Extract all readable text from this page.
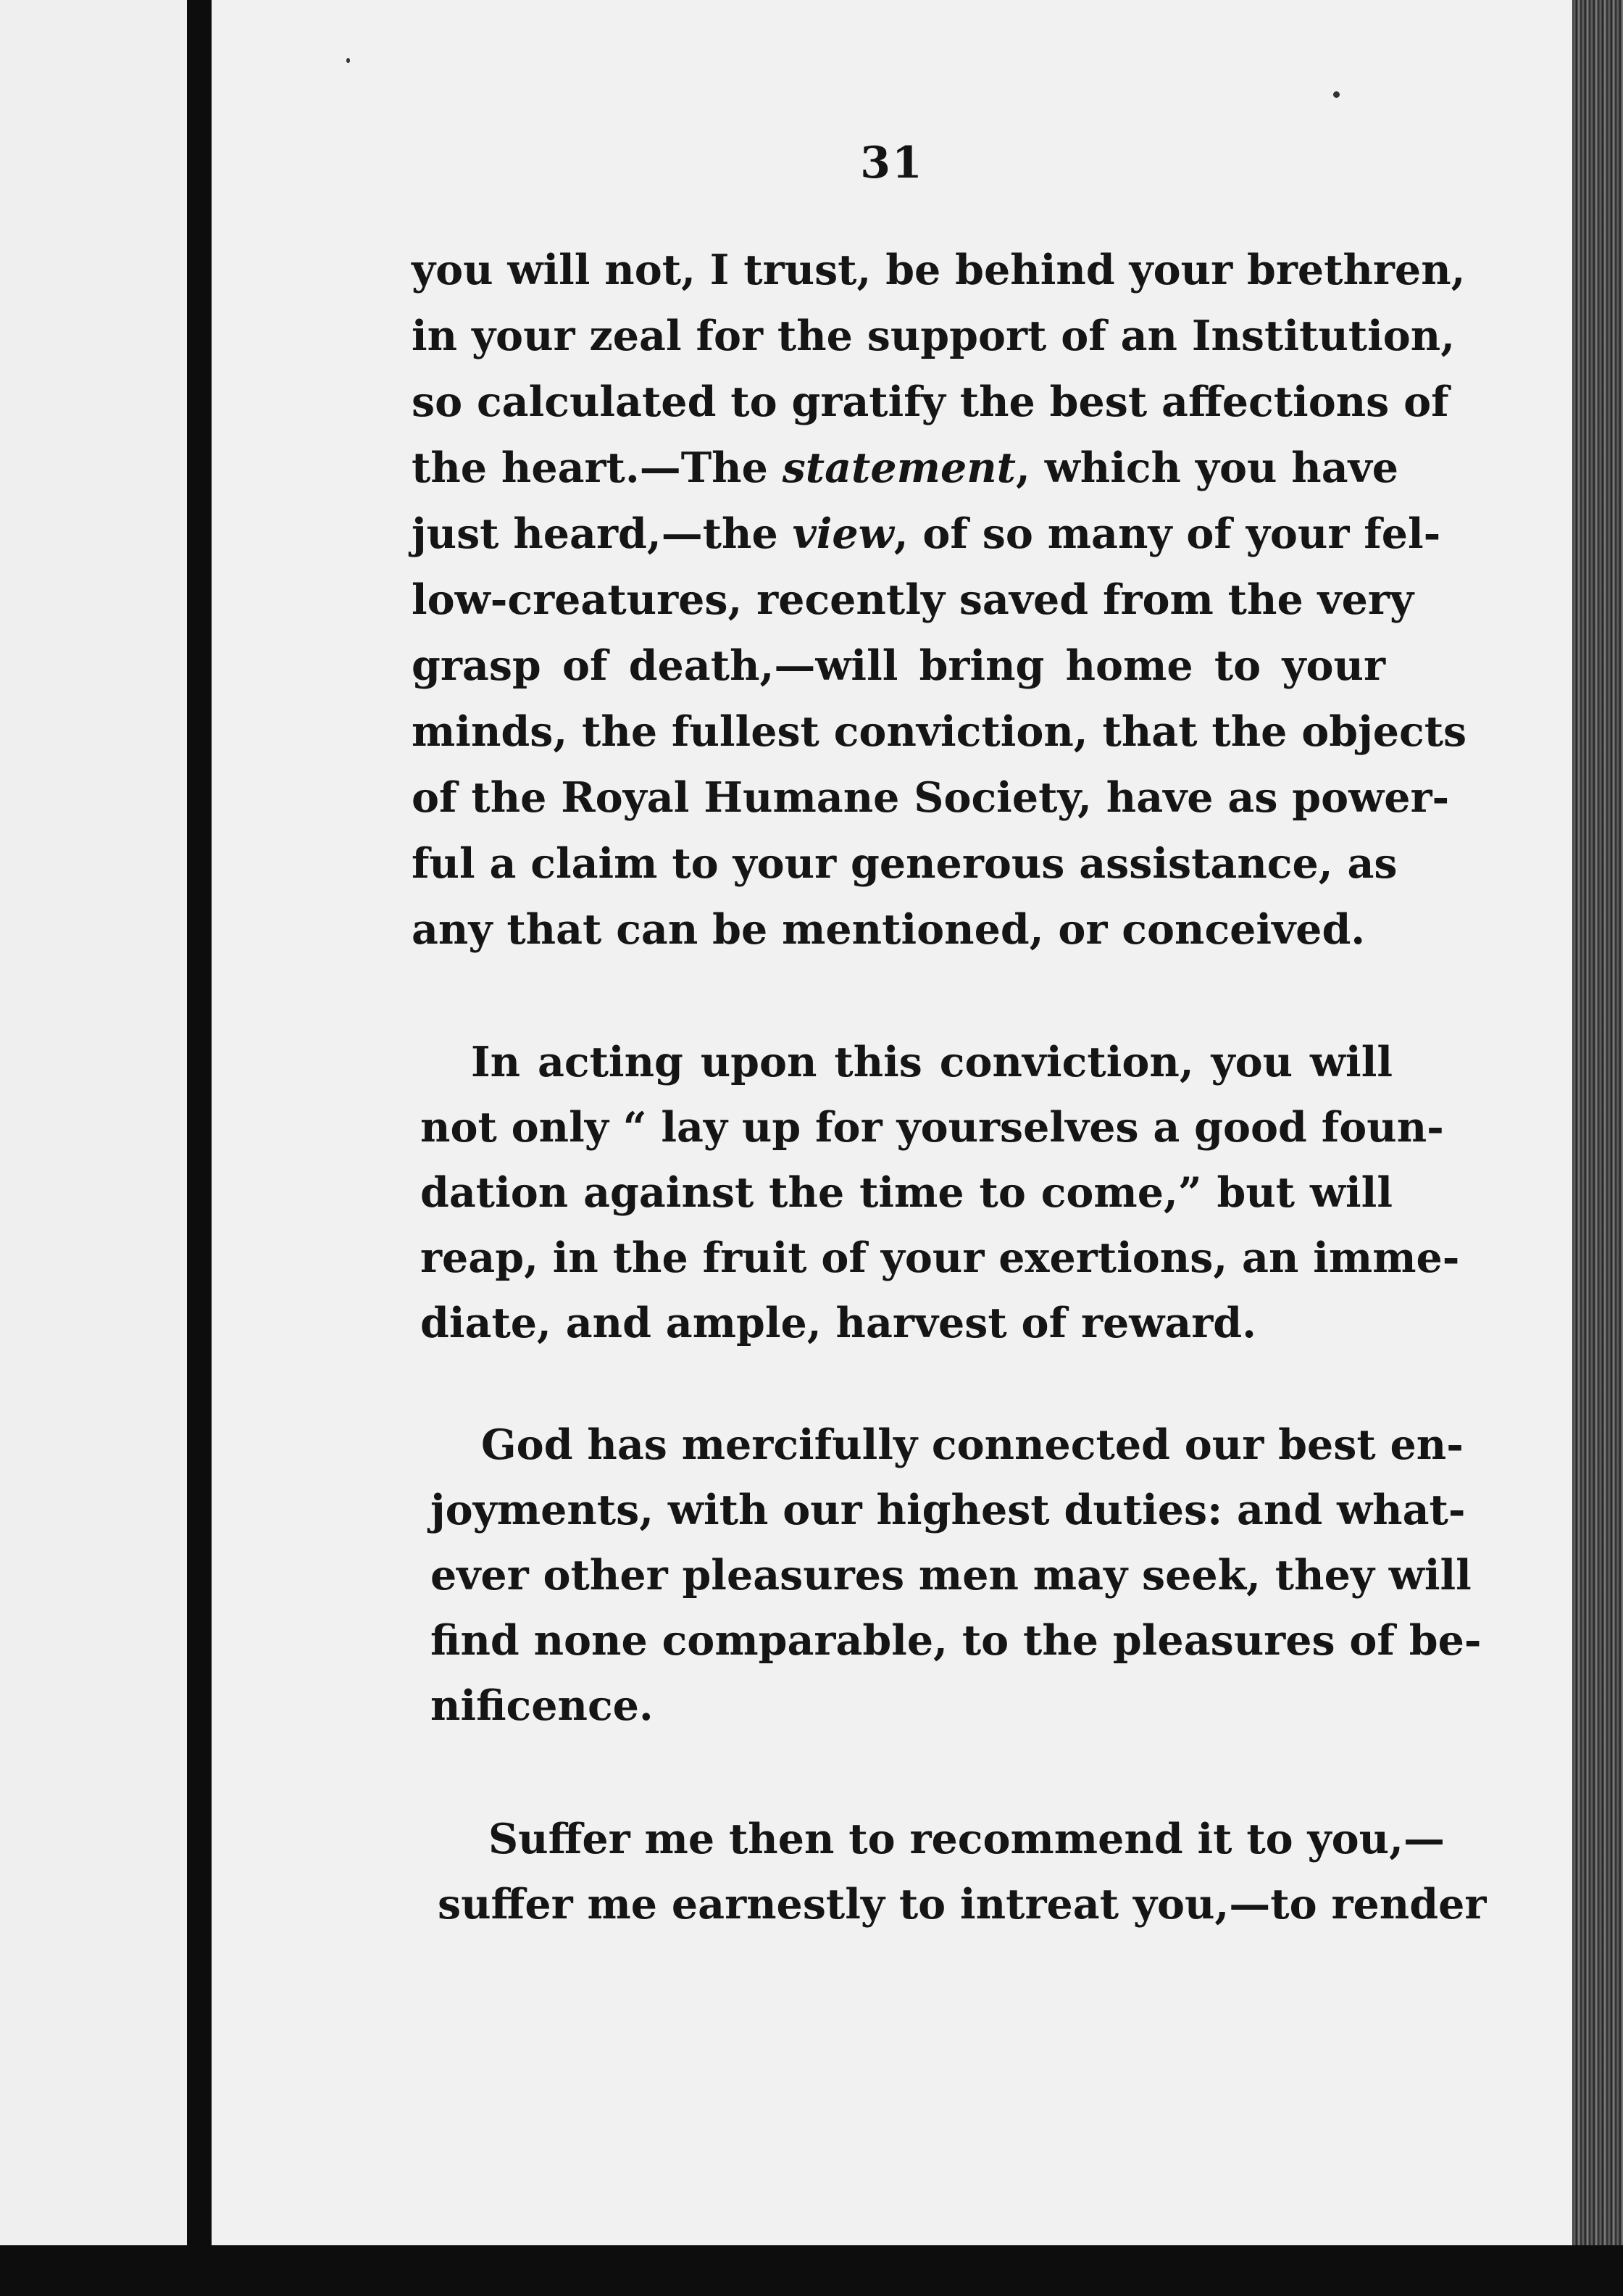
31
you will not, I trust, be behind your brethren,
in your zeal for the support of an Institution,
so calculated to gratify the best affections of
the heart.—The statement, which you have
just heard,—the view, of so many of your fel-
low-creatures, recently saved from the very
grasp of death,—will bring home to your
minds, the fullest conviction, that the objects
of the Royal Humane Society, have as power-
ful a claim to your generous assistance, as
any that can be mentioned, or conceived.
In acting upon this conviction, you will
not only “ lay up for yourselves a good foun-
dation against the time to come,” but will
reap, in the fruit of your exertions, an imme-
diate, and ample, harvest of reward.
God has mercifully connected our best en-
joyments, with our highest duties: and what-
ever other pleasures men may seek, they will
find none comparable, to the pleasures of be-
nificence.
Suffer me then to recommend it to you,—
suffer me earnestly to intreat you,—to render
